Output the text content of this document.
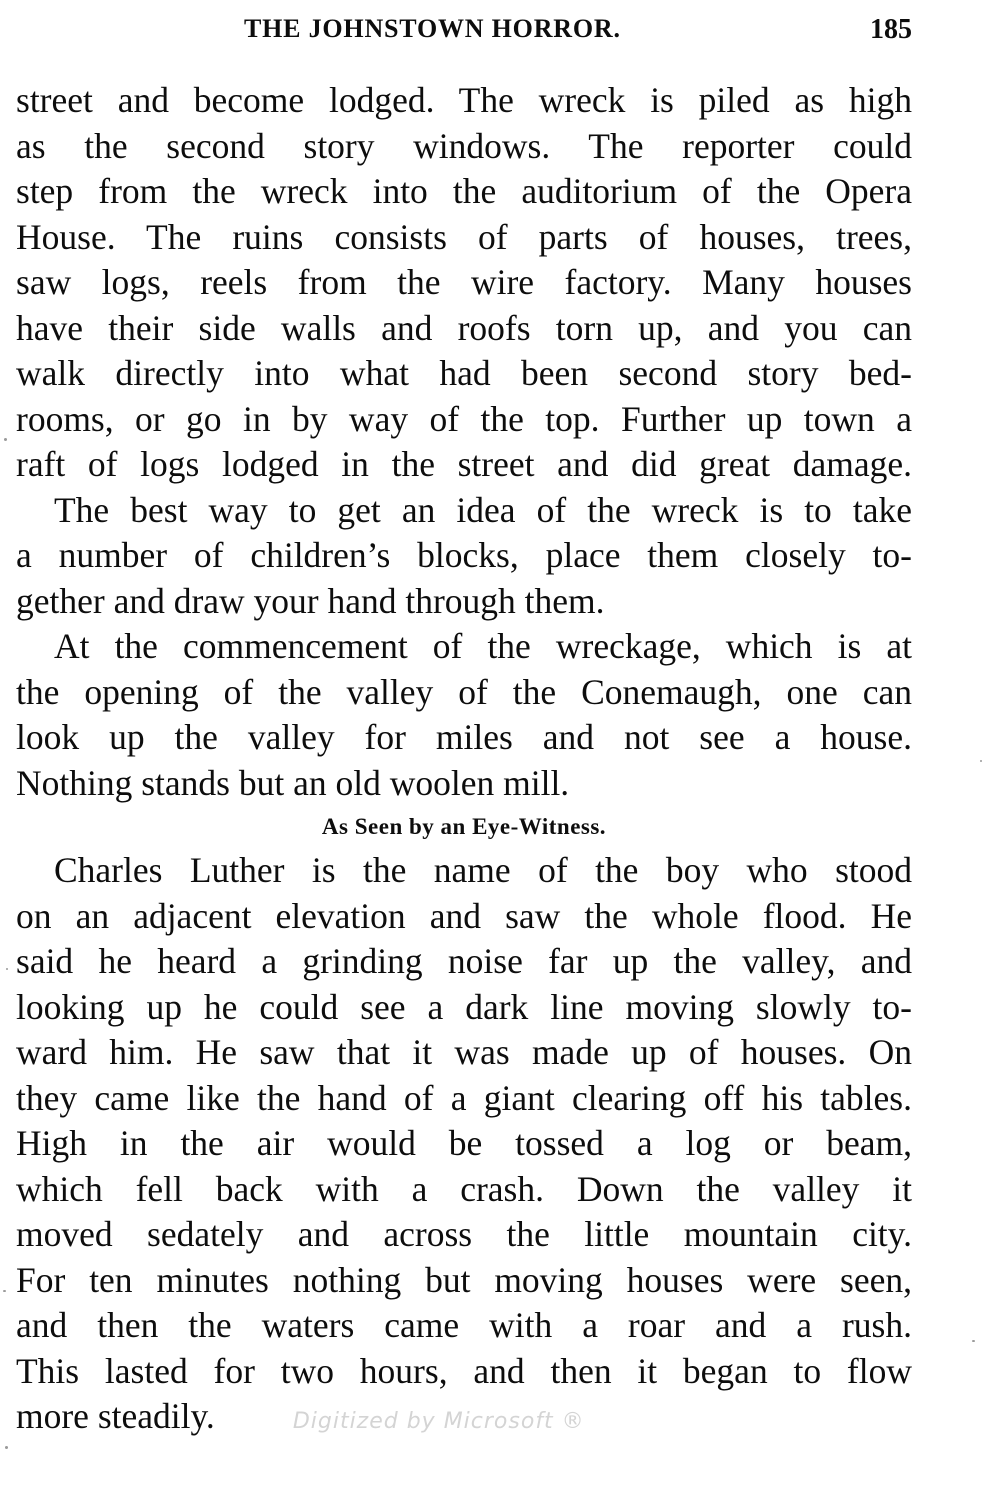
THE JOHNSTOWN HORROR.	185
street and become lodged. The wreck is piled as high
as the second story windows. The reporter could
step from the wreck into the auditorium of the Opera
House. The ruins consists of parts of houses, trees,
saw logs, reels from the wire factory. Many houses
have their side walls and roofs torn up, and you can
walk directly into what had been second story bed-
rooms, or go in by way of the top. Further up town a
raft of logs lodged in the street and did great damage.
The best way to get an idea of the wreck is to take
a number of children’s blocks, place them closely to-
gether and draw your hand through them.
At the commencement of the wreckage, which is at
the opening of the valley of the Conemaugh, one can
look up the valley for miles and not see a house.
Nothing stands but an old woolen mill.
As Seen by an Eye-Witness.
Charles Luther is the name of the boy who stood
on an adjacent elevation and saw the whole flood. He
said he heard a grinding noise far up the valley, and
looking up he could see a dark line moving slowly to-
ward him. He saw that it was made up of houses. On
they came like the hand of a giant clearing off his tables.
High in the air would be tossed a log or beam,
which fell back with a crash. Down the valley it
moved sedately and across the little mountain city.
For ten minutes nothing but moving houses were seen,
and then the waters came with a roar and a rush.
This lasted for two hours, and then it began to flow
more steadily.	Digitized by Microsoft ®
